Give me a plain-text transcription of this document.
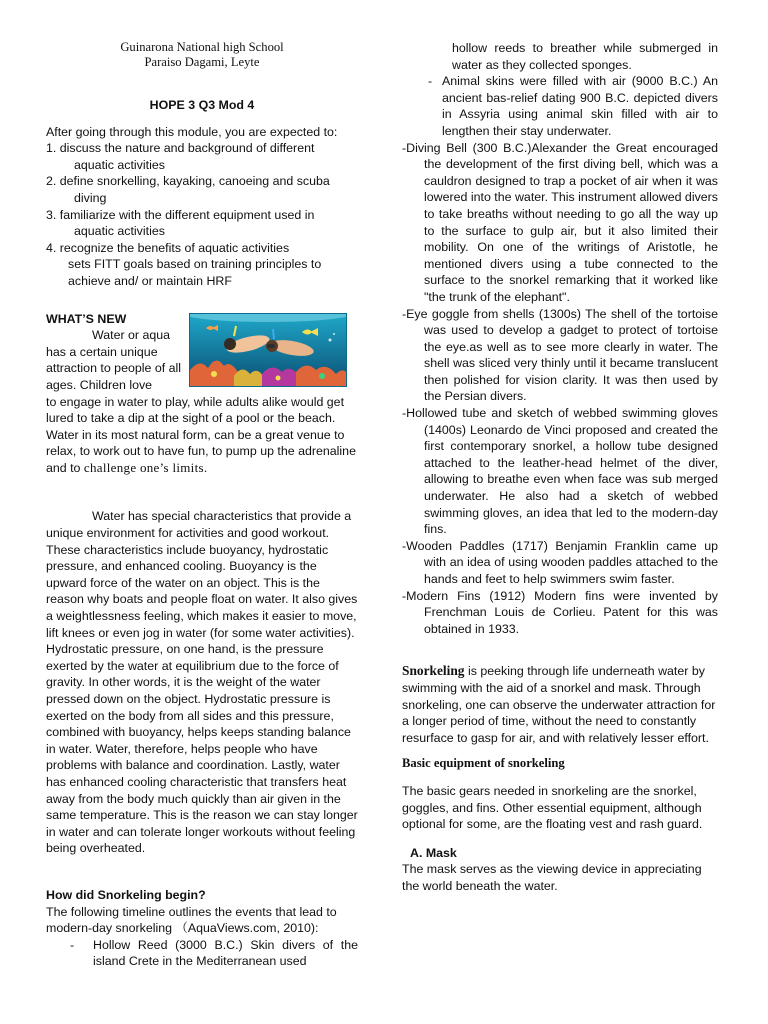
Guinarona National high School

Paraiso Dagami, Leyte

HOPE 3 Q3 Mod 4

After going through this module, you are expected to:

1. discuss the nature and background of different
aquatic activities
2. define snorkelling, kayaking, canoeing and scuba
diving
3. familiarize with the different equipment used in
aquatic activities
4. recognize the benefits of aquatic activities
sets FITT goals based on training principles to achieve and/ or maintain HRF

WHAT’S NEW

Water or aqua has a certain unique attraction to people of all ages. Children love

to engage in water to play, while adults alike would get lured to take a dip at the sight of a pool or the beach. Water in its most natural form, can be a great venue to relax, to work out to have fun, to pump up the adrenaline and to challenge one’s limits.

Water has special characteristics that provide a unique environment for activities and good workout. These characteristics include buoyancy, hydrostatic pressure, and enhanced cooling. Buoyancy is the upward force of the water on an object. This is the reason why boats and people float on water. It also gives a weightlessness feeling, which makes it easier to move, lift knees or even jog in water (for some water activities). Hydrostatic pressure, on one hand, is the pressure exerted by the water at equilibrium due to the force of gravity. In other words, it is the weight of the water pressed down on the object. Hydrostatic pressure is exerted on the body from all sides and this pressure, combined with buoyancy, helps keeps standing balance in water. Water, therefore, helps people who have problems with balance and coordination. Lastly, water has enhanced cooling characteristic that transfers heat away from the body much quickly than air given in the same temperature. This is the reason we can stay longer in water and can tolerate longer workouts without feeling being overheated.

How did Snorkeling begin?

The following timeline outlines the events that lead to modern-day snorkeling （AquaViews.com, 2010):

- Hollow Reed (3000 B.C.) Skin divers of the island Crete in the Mediterranean used

hollow reeds to breather while submerged in water as they collected sponges.

- Animal skins were filled with air (9000 B.C.) An ancient bas-relief dating 900 B.C. depicted divers in Assyria using animal skin filled with air to lengthen their stay underwater.

-Diving Bell (300 B.C.)Alexander the Great encouraged the development of the first diving bell, which was a cauldron designed to trap a pocket of air when it was lowered into the water. This instrument allowed divers to take breaths without needing to go all the way up to the surface to gulp air, but it also limited their mobility. On one of the writings of Aristotle, he mentioned divers using a tube connected to the surface to the snorkel remarking that it worked like "the trunk of the elephant".

-Eye goggle from shells (1300s) The shell of the tortoise was used to develop a gadget to protect of tortoise the eye.as well as to see more clearly in water. The shell was sliced very thinly until it became translucent then polished for vision clarity. It was then used by the Persian divers.

-Hollowed tube and sketch of webbed swimming gloves (1400s) Leonardo de Vinci proposed and created the first contemporary snorkel, a hollow tube designed attached to the leather-head helmet of the diver, allowing to breathe even when face was sub merged underwater. He also had a sketch of webbed swimming gloves, an idea that led to the modern-day fins.

-Wooden Paddles (1717) Benjamin Franklin came up with an idea of using wooden paddles attached to the hands and feet to help swimmers swim faster.

-Modern Fins (1912) Modern fins were invented by Frenchman Louis de Corlieu. Patent for this was obtained in 1933.

Snorkeling is peeking through life underneath water by swimming with the aid of a snorkel and mask. Through snorkeling, one can observe the underwater attraction for a longer period of time, without the need to constantly resurface to gasp for air, and with relatively lesser effort.

Basic equipment of snorkeling

The basic gears needed in snorkeling are the snorkel, goggles, and fins. Other essential equipment, although optional for some, are the floating vest and rash guard.

A. Mask

The mask serves as the viewing device in appreciating the world beneath the water.
